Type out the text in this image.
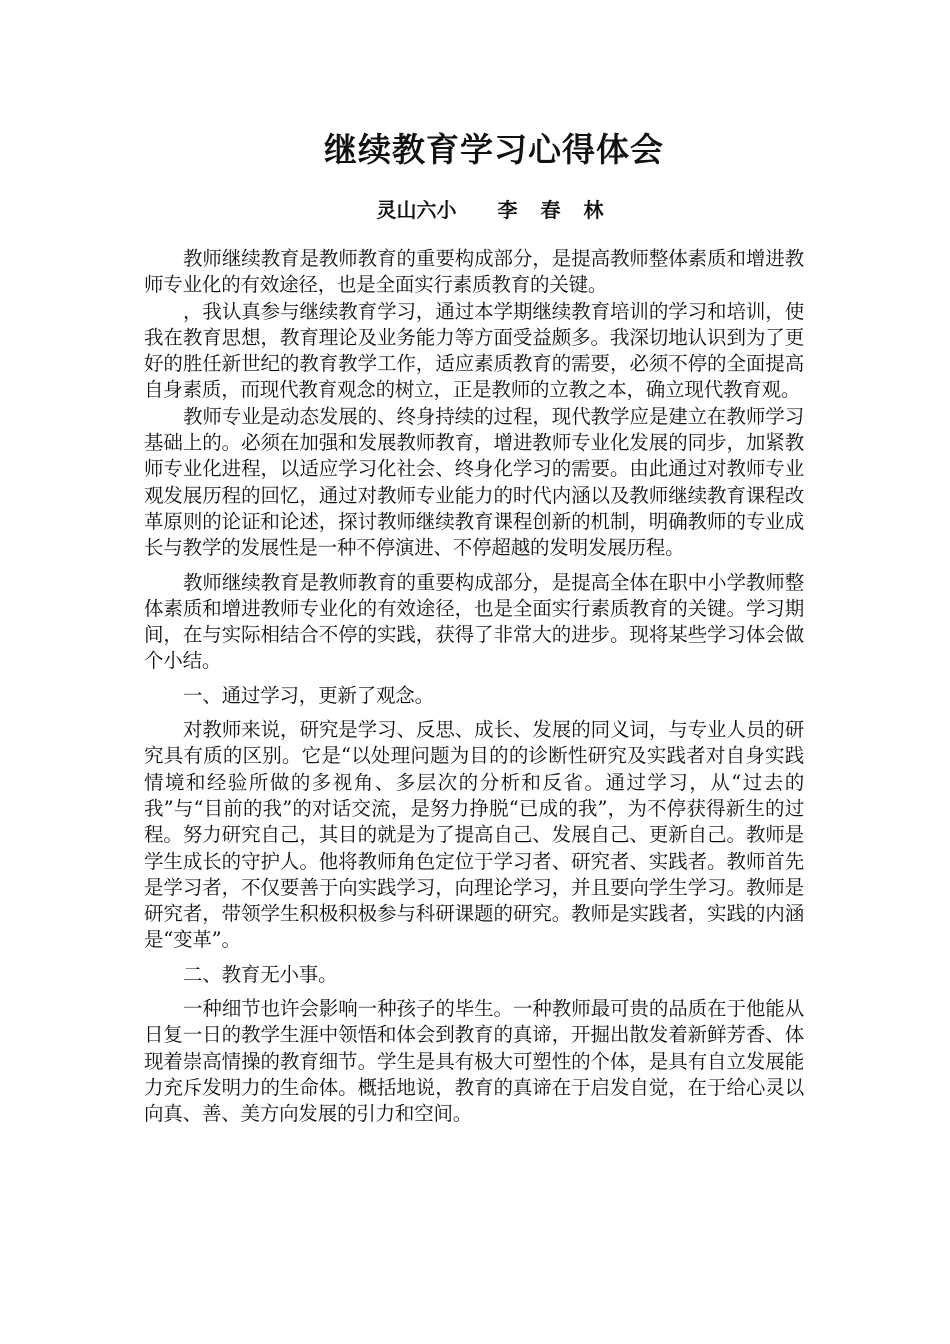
继续教育学习心得体会
灵山六小 李 春 林

教师继续教育是教师教育的重要构成部分，是提高教师整体素质和增进教师专业化的有效途径，也是全面实行素质教育的关键。

，我认真参与继续教育学习，通过本学期继续教育培训的学习和培训，使我在教育思想，教育理论及业务能力等方面受益颇多。我深切地认识到为了更好的胜任新世纪的教育教学工作，适应素质教育的需要，必须不停的全面提高自身素质，而现代教育观念的树立，正是教师的立教之本，确立现代教育观。

教师专业是动态发展的、终身持续的过程，现代教学应是建立在教师学习基础上的。必须在加强和发展教师教育，增进教师专业化发展的同步，加紧教师专业化进程，以适应学习化社会、终身化学习的需要。由此通过对教师专业观发展历程的回忆，通过对教师专业能力的时代内涵以及教师继续教育课程改革原则的论证和论述，探讨教师继续教育课程创新的机制，明确教师的专业成长与教学的发展性是一种不停演进、不停超越的发明发展历程。

教师继续教育是教师教育的重要构成部分，是提高全体在职中小学教师整体素质和增进教师专业化的有效途径，也是全面实行素质教育的关键。学习期间，在与实际相结合不停的实践，获得了非常大的进步。现将某些学习体会做个小结。

一、通过学习，更新了观念。

对教师来说，研究是学习、反思、成长、发展的同义词，与专业人员的研究具有质的区别。它是“以处理问题为目的的诊断性研究及实践者对自身实践情境和经验所做的多视角、多层次的分析和反省。通过学习，从“过去的我”与“目前的我”的对话交流，是努力挣脱“已成的我”，为不停获得新生的过程。努力研究自己，其目的就是为了提高自己、发展自己、更新自己。教师是学生成长的守护人。他将教师角色定位于学习者、研究者、实践者。教师首先是学习者，不仅要善于向实践学习，向理论学习，并且要向学生学习。教师是研究者，带领学生积极积极参与科研课题的研究。教师是实践者，实践的内涵是“变革”。

二、教育无小事。

一种细节也许会影响一种孩子的毕生。一种教师最可贵的品质在于他能从日复一日的教学生涯中领悟和体会到教育的真谛，开掘出散发着新鲜芳香、体现着崇高情操的教育细节。学生是具有极大可塑性的个体，是具有自立发展能力充斥发明力的生命体。概括地说，教育的真谛在于启发自觉，在于给心灵以向真、善、美方向发展的引力和空间。
